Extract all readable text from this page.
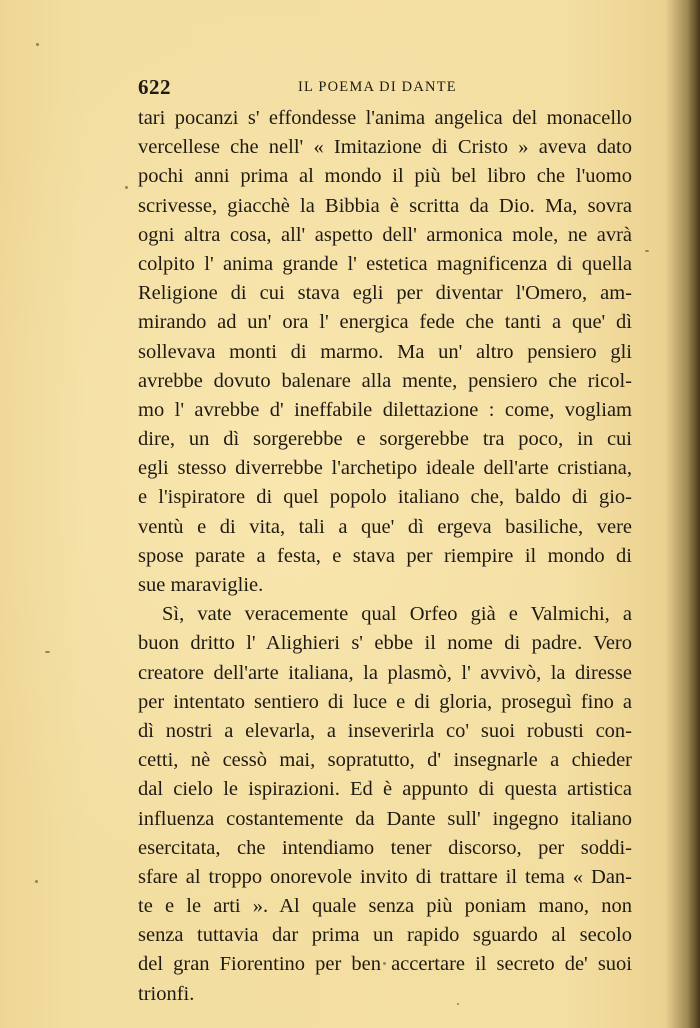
622	IL POEMA DI DANTE
tari pocanzi s' effondesse l'anima angelica del monacello
vercellese che nell' « Imitazione di Cristo » aveva dato
pochi anni prima al mondo il più bel libro che l'uomo
scrivesse, giacchè la Bibbia è scritta da Dio. Ma, sovra
ogni altra cosa, all' aspetto dell' armonica mole, ne avrà
colpito l' anima grande l' estetica magnificenza di quella
Religione di cui stava egli per diventar l'Omero, am-
mirando ad un' ora l' energica fede che tanti a que' dì
sollevava monti di marmo. Ma un' altro pensiero gli
avrebbe dovuto balenare alla mente, pensiero che ricol-
mo l' avrebbe d' ineffabile dilettazione : come, vogliam
dire, un dì sorgerebbe e sorgerebbe tra poco, in cui
egli stesso diverrebbe l'archetipo ideale dell'arte cristiana,
e l'ispiratore di quel popolo italiano che, baldo di gio-
ventù e di vita, tali a que' dì ergeva basiliche, vere
spose parate a festa, e stava per riempire il mondo di
sue maraviglie.
Sì, vate veracemente qual Orfeo già e Valmichi, a
buon dritto l' Alighieri s' ebbe il nome di padre. Vero
creatore dell'arte italiana, la plasmò, l' avvivò, la diresse
per intentato sentiero di luce e di gloria, proseguì fino a
dì nostri a elevarla, a inseverirla co' suoi robusti con-
cetti, nè cessò mai, sopratutto, d' insegnarle a chieder
dal cielo le ispirazioni. Ed è appunto di questa artistica
influenza costantemente da Dante sull' ingegno italiano
esercitata, che intendiamo tener discorso, per soddi-
sfare al troppo onorevole invito di trattare il tema « Dan-
te e le arti ». Al quale senza più poniam mano, non
senza tuttavia dar prima un rapido sguardo al secolo
del gran Fiorentino per ben accertare il secreto de' suoi
trionfi.
